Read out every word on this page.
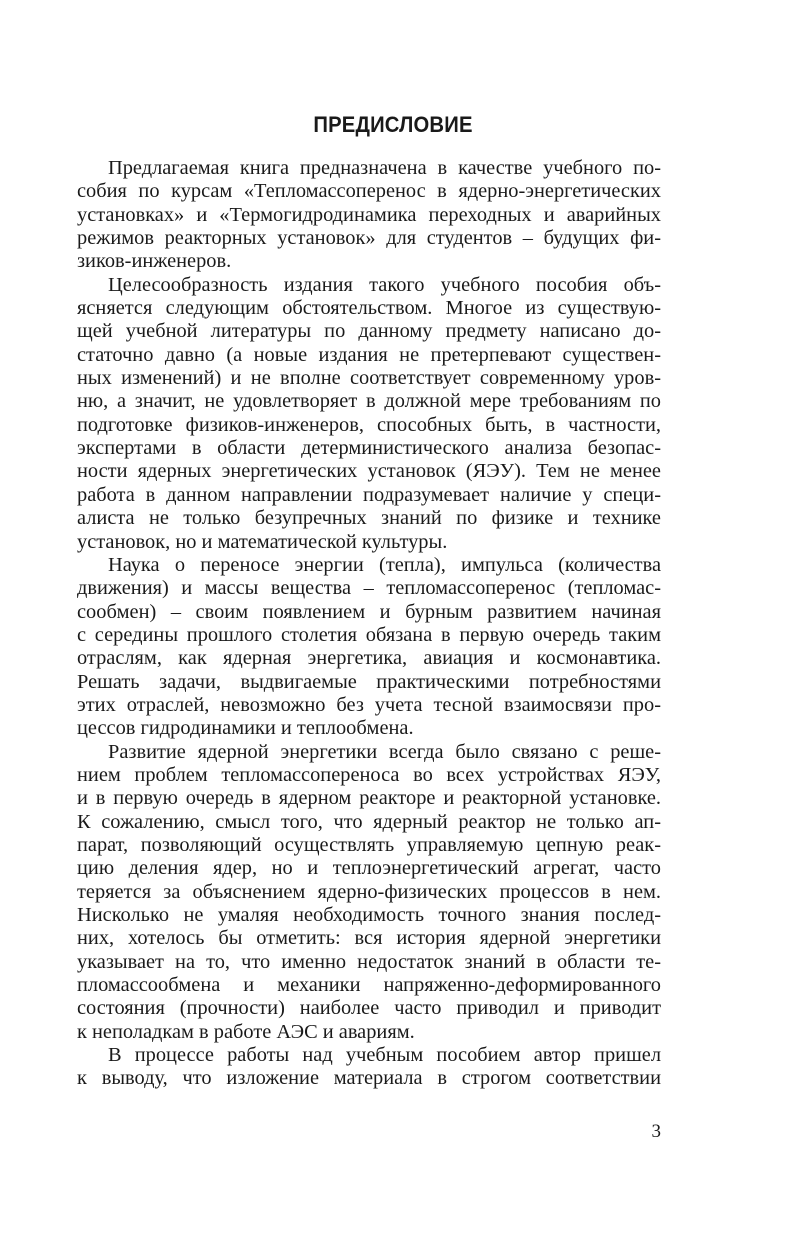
ПРЕДИСЛОВИЕ
Предлагаемая книга предназначена в качестве учебного по-
собия по курсам «Тепломассоперенос в ядерно-энергетических
установках» и «Термогидродинамика переходных и аварийных
режимов реакторных установок» для студентов – будущих фи-
зиков-инженеров.
Целесообразность издания такого учебного пособия объ-
ясняется следующим обстоятельством. Многое из существую-
щей учебной литературы по данному предмету написано до-
статочно давно (а новые издания не претерпевают существен-
ных изменений) и не вполне соответствует современному уров-
ню, а значит, не удовлетворяет в должной мере требованиям по
подготовке физиков-инженеров, способных быть, в частности,
экспертами в области детерминистического анализа безопас-
ности ядерных энергетических установок (ЯЭУ). Тем не менее
работа в данном направлении подразумевает наличие у специ-
алиста не только безупречных знаний по физике и технике
установок, но и математической культуры.
Наука о переносе энергии (тепла), импульса (количества
движения) и массы вещества – тепломассоперенос (тепломас-
сообмен) – своим появлением и бурным развитием начиная
с середины прошлого столетия обязана в первую очередь таким
отраслям, как ядерная энергетика, авиация и космонавтика.
Решать задачи, выдвигаемые практическими потребностями
этих отраслей, невозможно без учета тесной взаимосвязи про-
цессов гидродинамики и теплообмена.
Развитие ядерной энергетики всегда было связано с реше-
нием проблем тепломассопереноса во всех устройствах ЯЭУ,
и в первую очередь в ядерном реакторе и реакторной установке.
К сожалению, смысл того, что ядерный реактор не только ап-
парат, позволяющий осуществлять управляемую цепную реак-
цию деления ядер, но и теплоэнергетический агрегат, часто
теряется за объяснением ядерно-физических процессов в нем.
Нисколько не умаляя необходимость точного знания послед-
них, хотелось бы отметить: вся история ядерной энергетики
указывает на то, что именно недостаток знаний в области те-
пломассообмена и механики напряженно-деформированного
состояния (прочности) наиболее часто приводил и приводит
к неполадкам в работе АЭС и авариям.
В процессе работы над учебным пособием автор пришел
к выводу, что изложение материала в строгом соответствии
3
